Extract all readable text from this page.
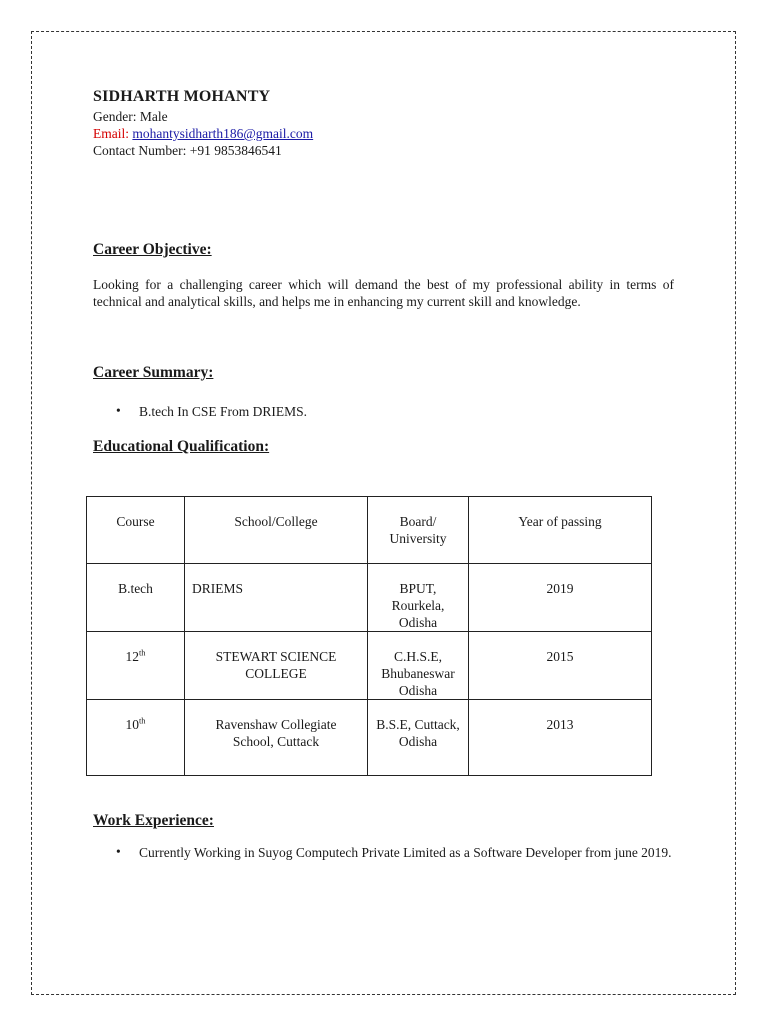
SIDHARTH MOHANTY
Gender: Male
Email: mohantysidharth186@gmail.com
Contact Number: +91 9853846541
Career Objective:
Looking for a challenging career which will demand the best of my professional ability in terms of technical and analytical skills, and helps me in enhancing my current skill and knowledge.
Career Summary:
• B.tech In CSE From DRIEMS.
Educational Qualification:
Course	School/College	Board/ University	Year of passing
B.tech	DRIEMS	BPUT, Rourkela, Odisha	2019
12th	STEWART SCIENCE COLLEGE	C.H.S.E, Bhubaneswar Odisha	2015
10th	Ravenshaw Collegiate School, Cuttack	B.S.E, Cuttack, Odisha	2013
Work Experience:
• Currently Working in Suyog Computech Private Limited as a Software Developer from june 2019.
